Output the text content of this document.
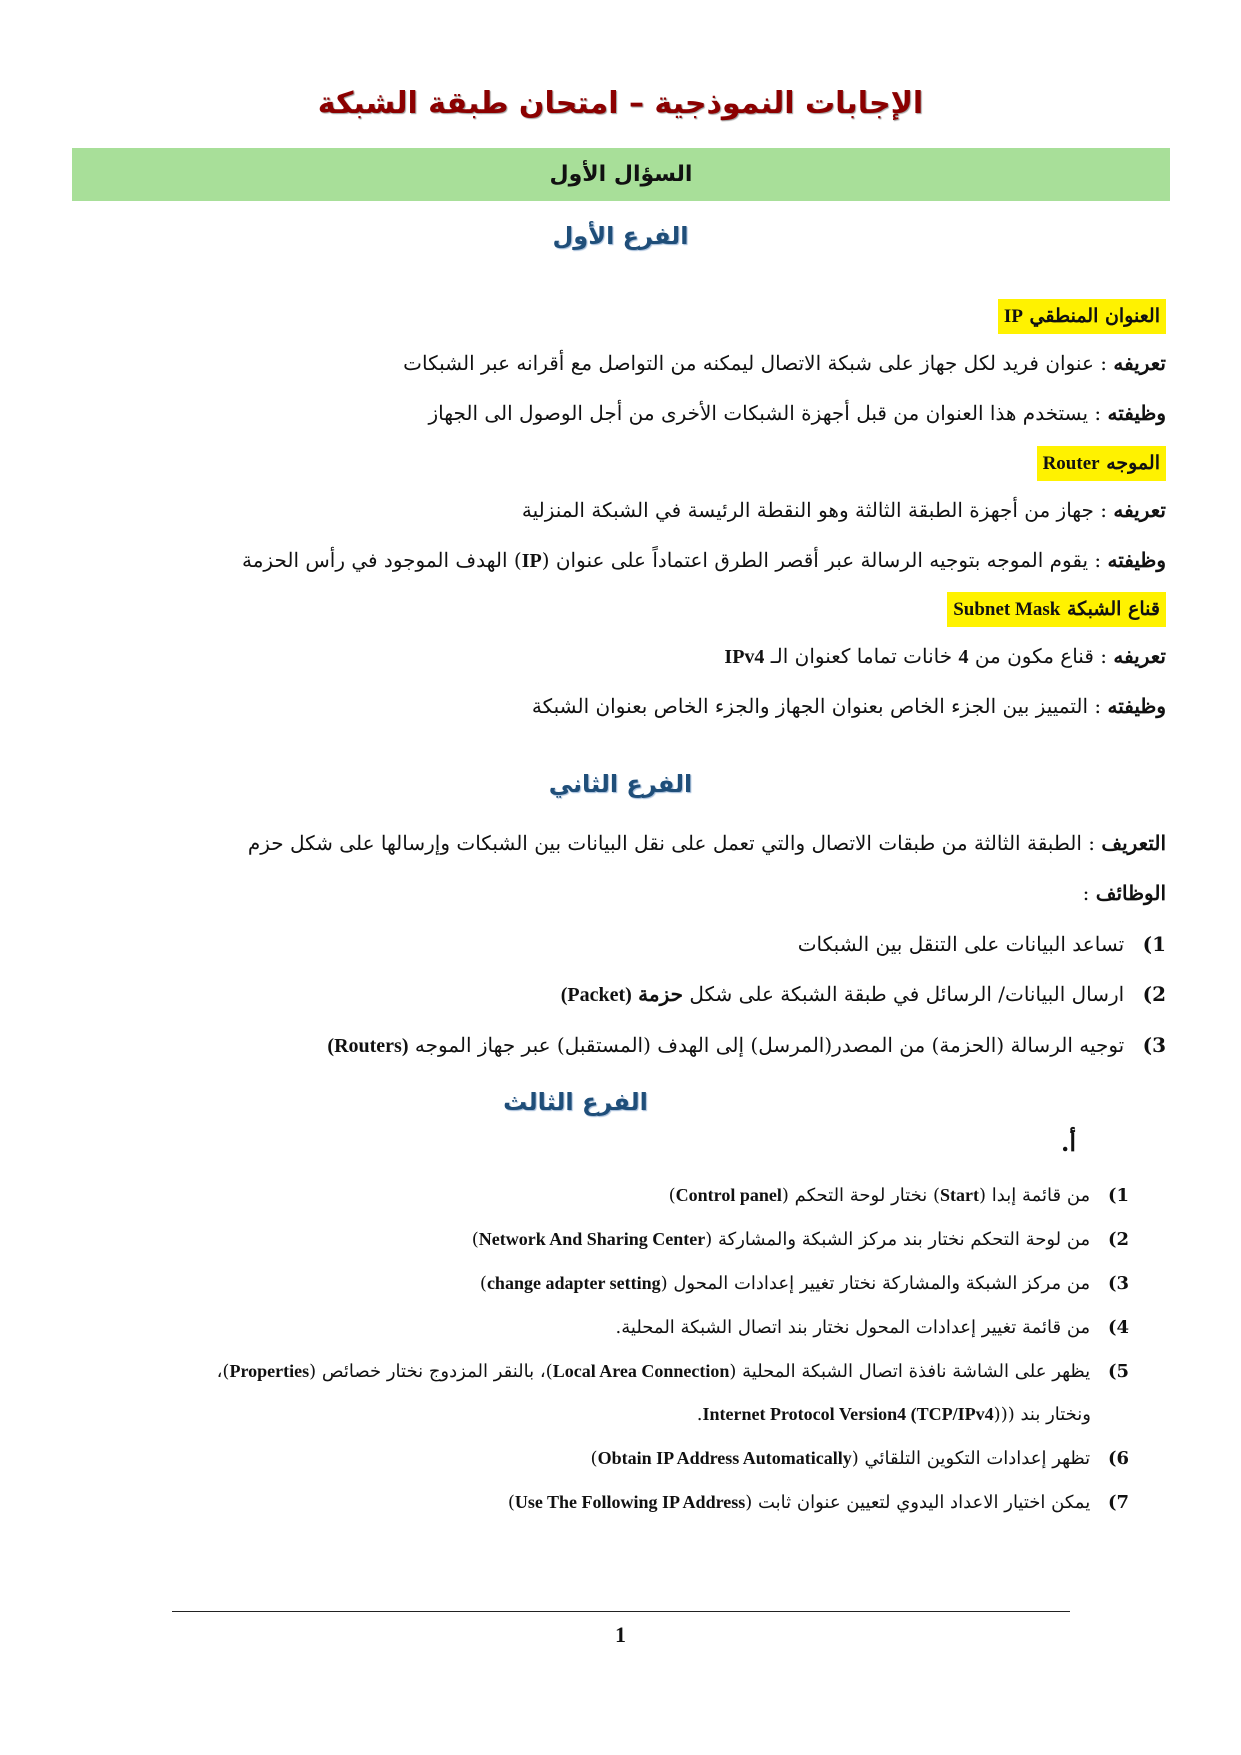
الإجابات النموذجية – امتحان طبقة الشبكة
السؤال الأول
الفرع الأول
العنوان المنطقي IP
تعريفه : عنوان فريد لكل جهاز على شبكة الاتصال ليمكنه من التواصل مع أقرانه عبر الشبكات
وظيفته : يستخدم هذا العنوان من قبل أجهزة الشبكات الأخرى من أجل الوصول الى الجهاز
الموجه Router
تعريفه : جهاز من أجهزة الطبقة الثالثة وهو النقطة الرئيسة في الشبكة المنزلية
وظيفته : يقوم الموجه بتوجيه الرسالة عبر أقصر الطرق اعتماداً على عنوان (IP) الهدف الموجود في رأس الحزمة
قناع الشبكة Subnet Mask
تعريفه : قناع مكون من 4 خانات تماما كعنوان الـ IPv4
وظيفته : التمييز بين الجزء الخاص بعنوان الجهاز والجزء الخاص بعنوان الشبكة
الفرع الثاني
التعريف : الطبقة الثالثة من طبقات الاتصال والتي تعمل على نقل البيانات بين الشبكات وإرسالها على شكل حزم
الوظائف :
1) تساعد البيانات على التنقل بين الشبكات
2) ارسال البيانات/ الرسائل في طبقة الشبكة على شكل حزمة (Packet)
3) توجيه الرسالة (الحزمة) من المصدر(المرسل) إلى الهدف (المستقبل) عبر جهاز الموجه (Routers)
الفرع الثالث
أ.
1) من قائمة إبدا (Start) نختار لوحة التحكم (Control panel)
2) من لوحة التحكم نختار بند مركز الشبكة والمشاركة (Network And Sharing Center)
3) من مركز الشبكة والمشاركة نختار تغيير إعدادات المحول (change adapter setting)
4) من قائمة تغيير إعدادات المحول نختار بند اتصال الشبكة المحلية.
5) يظهر على الشاشة نافذة اتصال الشبكة المحلية (Local Area Connection)، بالنقر المزدوج نختار خصائص (Properties)،
ونختار بند ((Internet Protocol Version4 (TCP/IPv4).
6) تظهر إعدادات التكوين التلقائي (Obtain IP Address Automatically)
7) يمكن اختيار الاعداد اليدوي لتعيين عنوان ثابت (Use The Following IP Address)
1
